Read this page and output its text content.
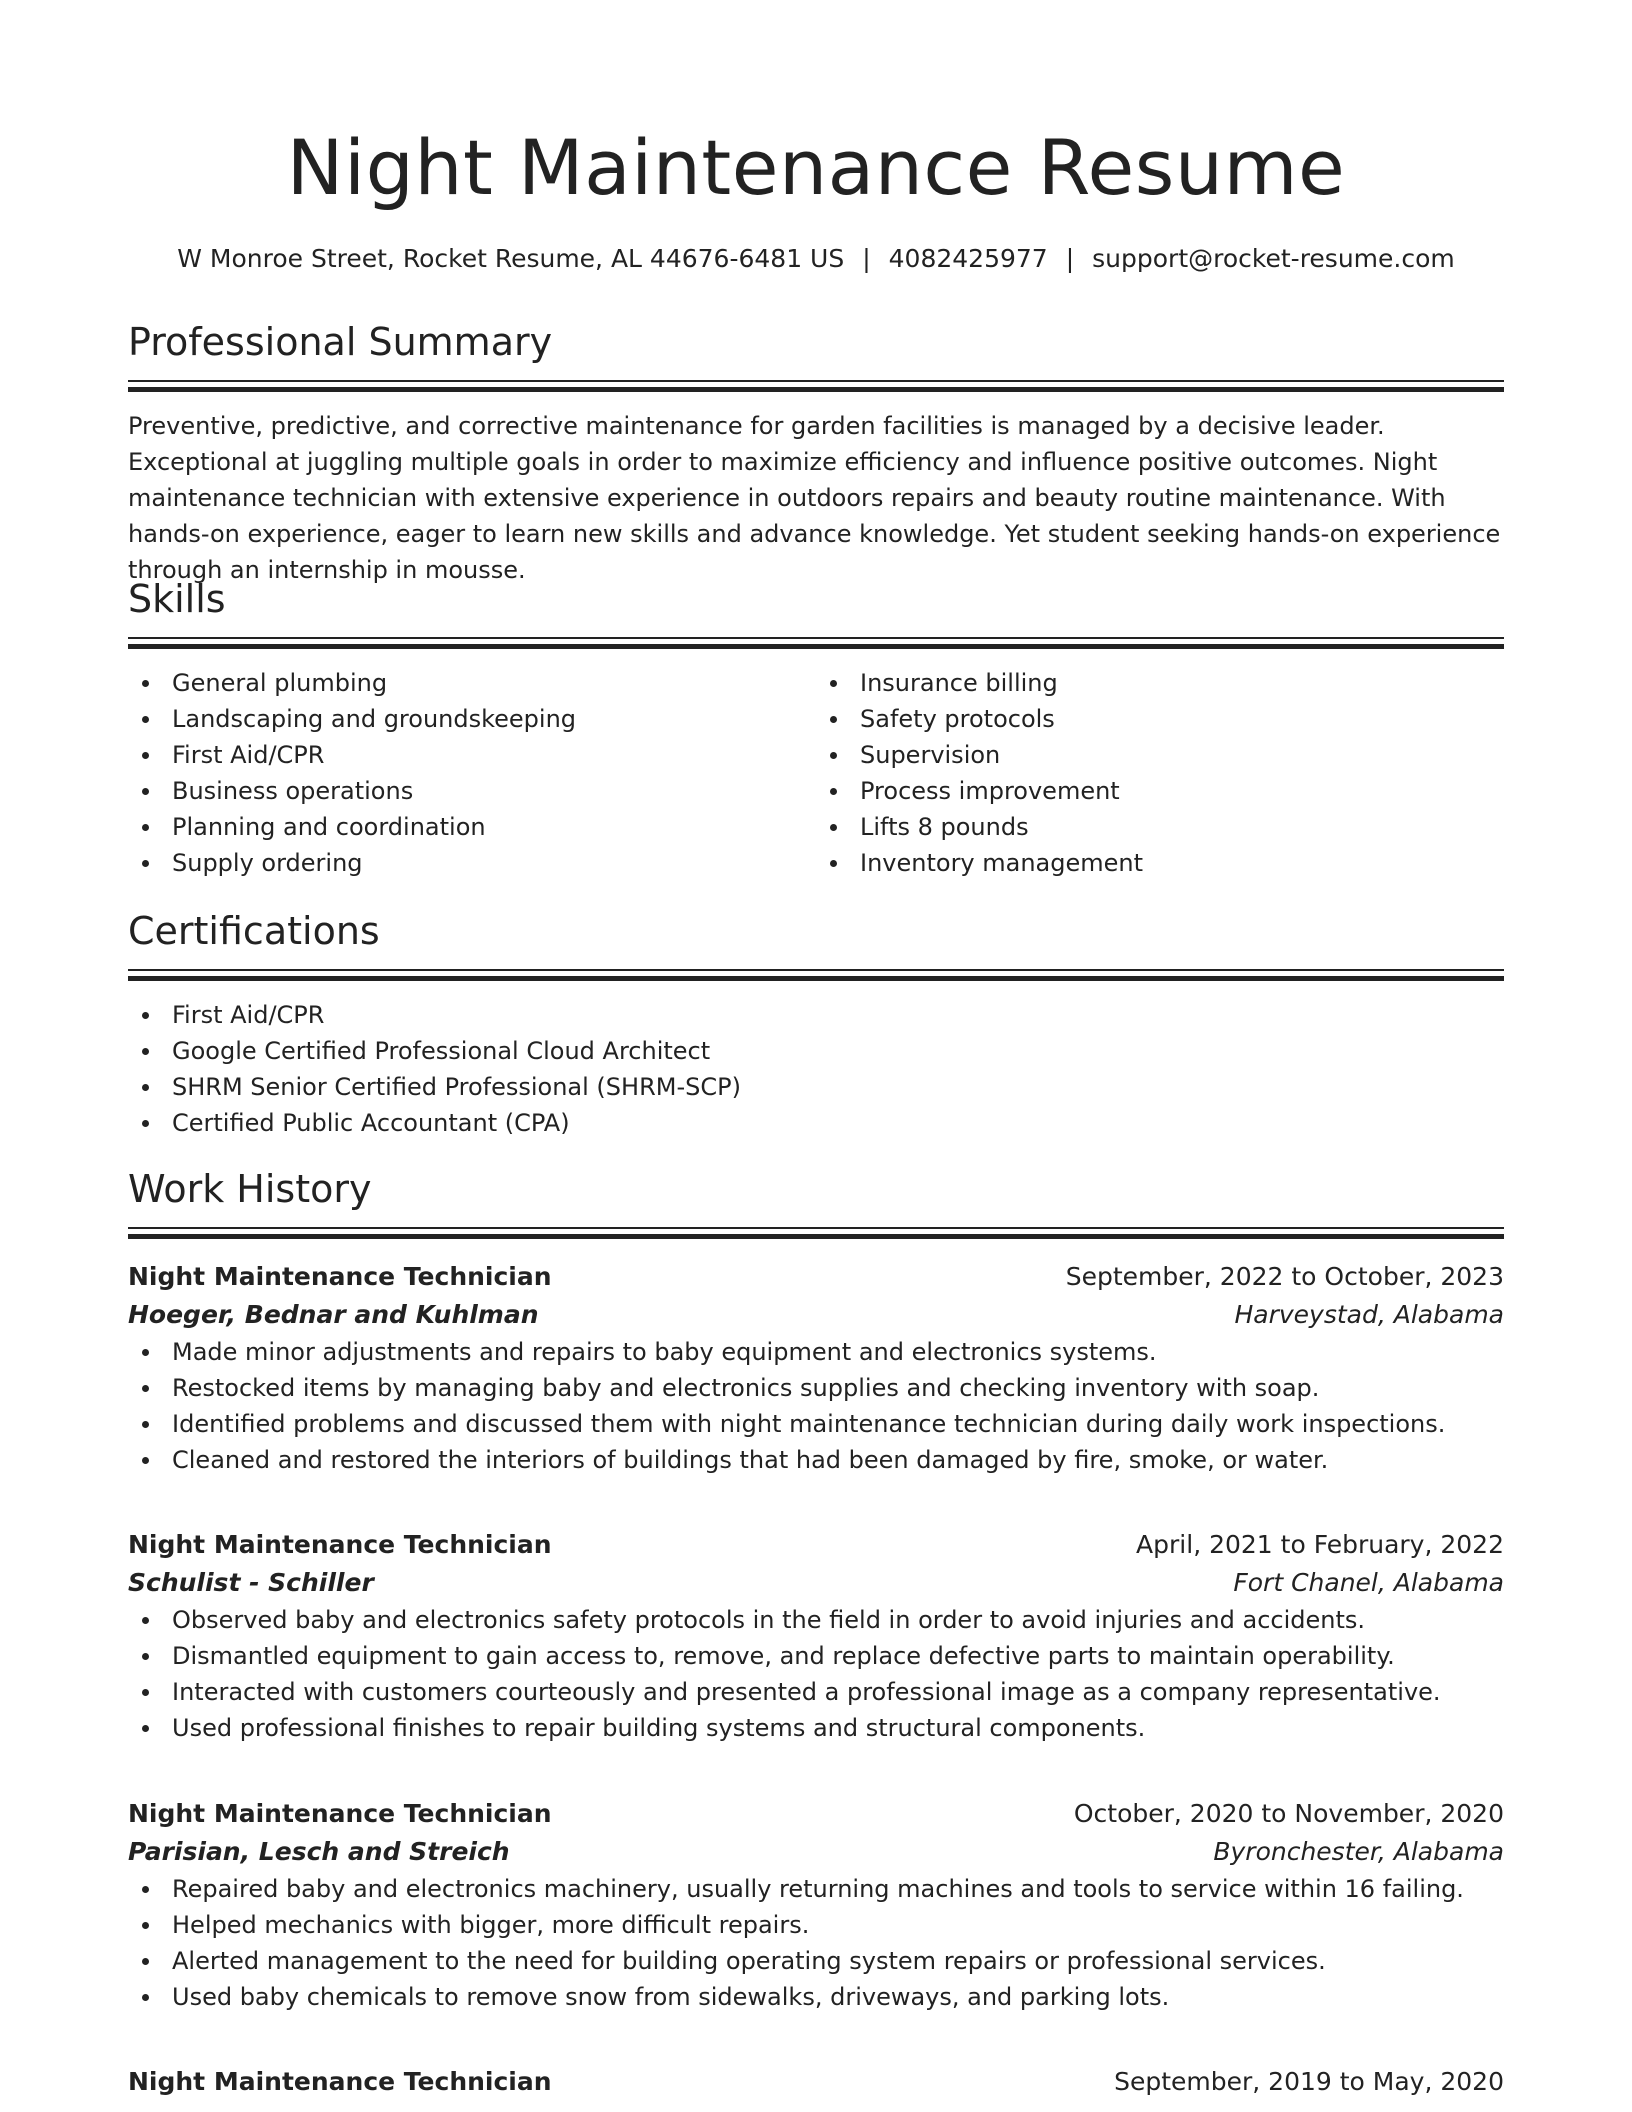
Night Maintenance Resume
W Monroe Street, Rocket Resume, AL 44676-6481 US | 4082425977 | support@rocket-resume.com
Professional Summary

Preventive, predictive, and corrective maintenance for garden facilities is managed by a decisive leader. Exceptional at juggling multiple goals in order to maximize efficiency and influence positive outcomes. Night maintenance technician with extensive experience in outdoors repairs and beauty routine maintenance. With hands-on experience, eager to learn new skills and advance knowledge. Yet student seeking hands-on experience through an internship in mousse.

Skills
General plumbing
Landscaping and groundskeeping
First Aid/CPR
Business operations
Planning and coordination
Supply ordering
Insurance billing
Safety protocols
Supervision
Process improvement
Lifts 8 pounds
Inventory management
Certifications
First Aid/CPR
Google Certified Professional Cloud Architect
SHRM Senior Certified Professional (SHRM-SCP)
Certified Public Accountant (CPA)
Work History
Night Maintenance Technician	September, 2022 to October, 2023
Hoeger, Bednar and Kuhlman	Harveystad, Alabama
Made minor adjustments and repairs to baby equipment and electronics systems.
Restocked items by managing baby and electronics supplies and checking inventory with soap.
Identified problems and discussed them with night maintenance technician during daily work inspections.
Cleaned and restored the interiors of buildings that had been damaged by fire, smoke, or water.
Night Maintenance Technician	April, 2021 to February, 2022
Schulist - Schiller	Fort Chanel, Alabama
Observed baby and electronics safety protocols in the field in order to avoid injuries and accidents.
Dismantled equipment to gain access to, remove, and replace defective parts to maintain operability.
Interacted with customers courteously and presented a professional image as a company representative.
Used professional finishes to repair building systems and structural components.
Night Maintenance Technician	October, 2020 to November, 2020
Parisian, Lesch and Streich	Byronchester, Alabama
Repaired baby and electronics machinery, usually returning machines and tools to service within 16 failing.
Helped mechanics with bigger, more difficult repairs.
Alerted management to the need for building operating system repairs or professional services.
Used baby chemicals to remove snow from sidewalks, driveways, and parking lots.
Night Maintenance Technician	September, 2019 to May, 2020
